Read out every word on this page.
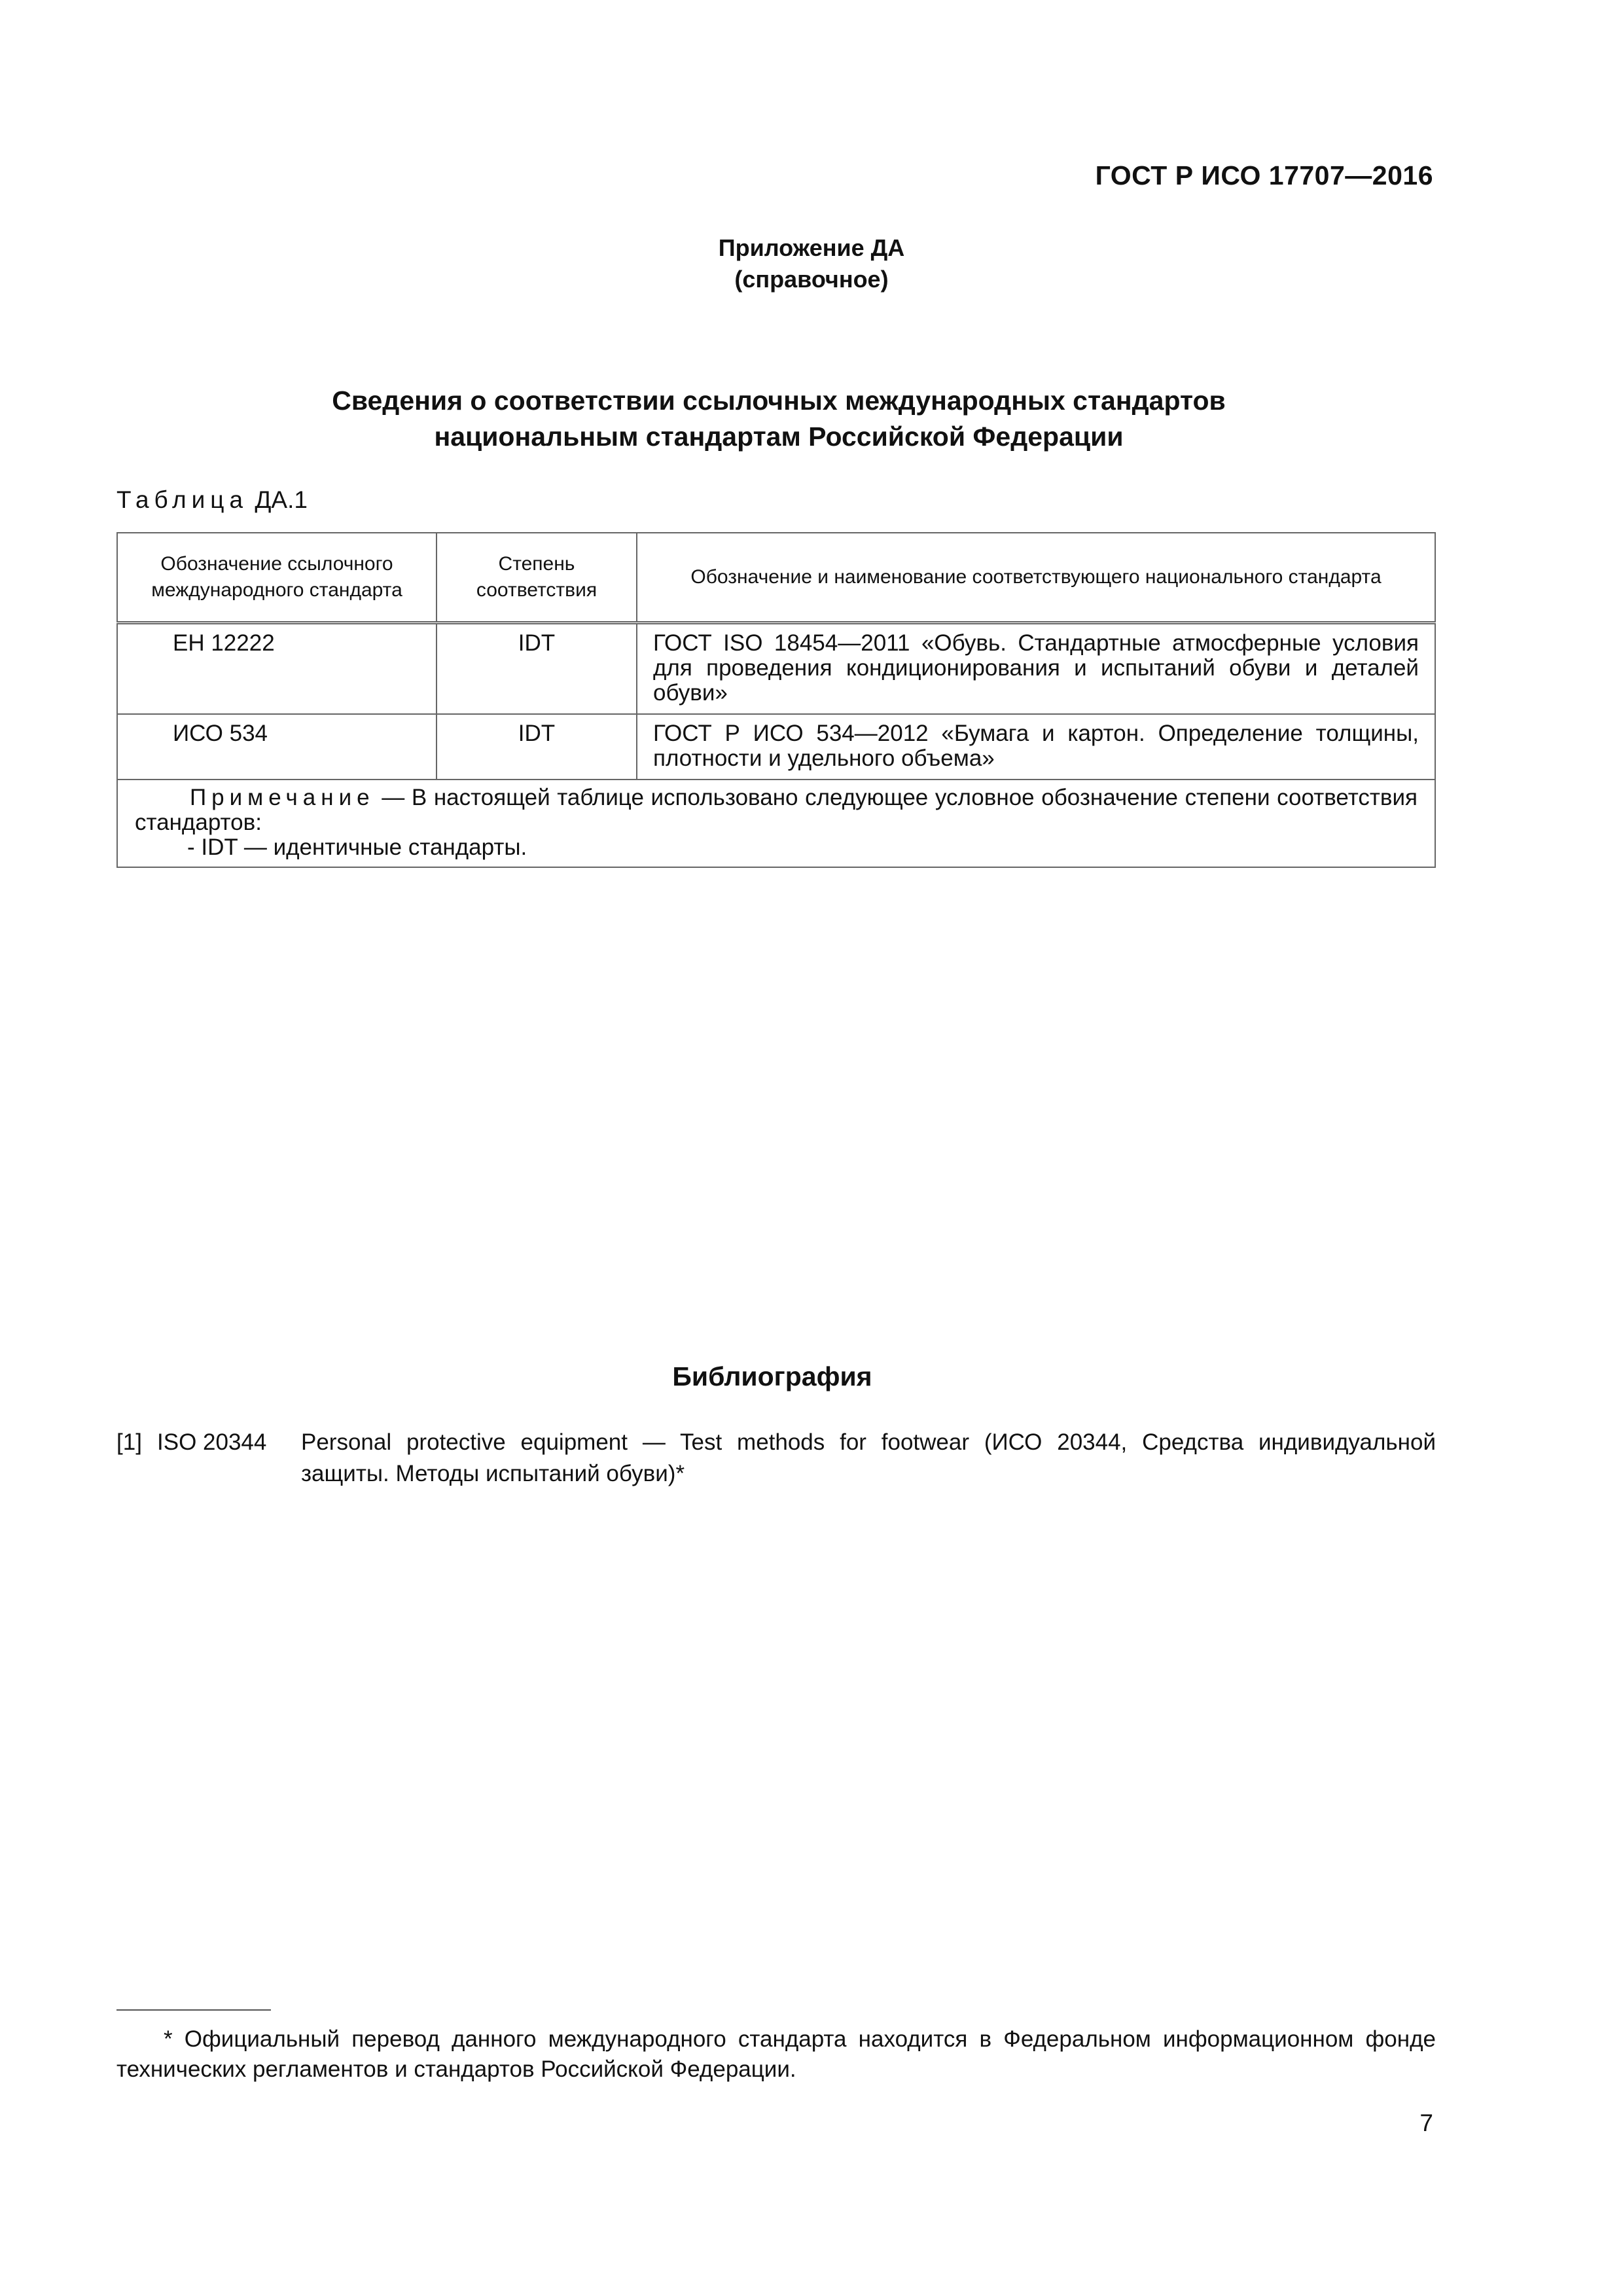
ГОСТ Р ИСО 17707—2016
Приложение ДА
(справочное)
Сведения о соответствии ссылочных международных стандартов
национальным стандартам Российской Федерации
Таблица ДА.1
Обозначение ссылочного международного стандарта	Степень соответствия	Обозначение и наименование соответствующего национального стандарта
ЕН 12222	IDT	ГОСТ ISO 18454—2011 «Обувь. Стандартные атмосферные условия для проведения кондиционирования и испытаний обуви и деталей обуви»
ИСО 534	IDT	ГОСТ Р ИСО 534—2012 «Бумага и картон. Определение толщины, плотности и удельного объема»

Примечание — В настоящей таблице использовано следующее условное обозначение степени соответствия стандартов:
- IDT — идентичные стандарты.		
Библиография
[1] ISO 20344 Personal protective equipment — Test methods for footwear (ИСО 20344, Средства индивидуальной защиты. Методы испытаний обуви)*
* Официальный перевод данного международного стандарта находится в Федеральном информационном фонде технических регламентов и стандартов Российской Федерации.
7
